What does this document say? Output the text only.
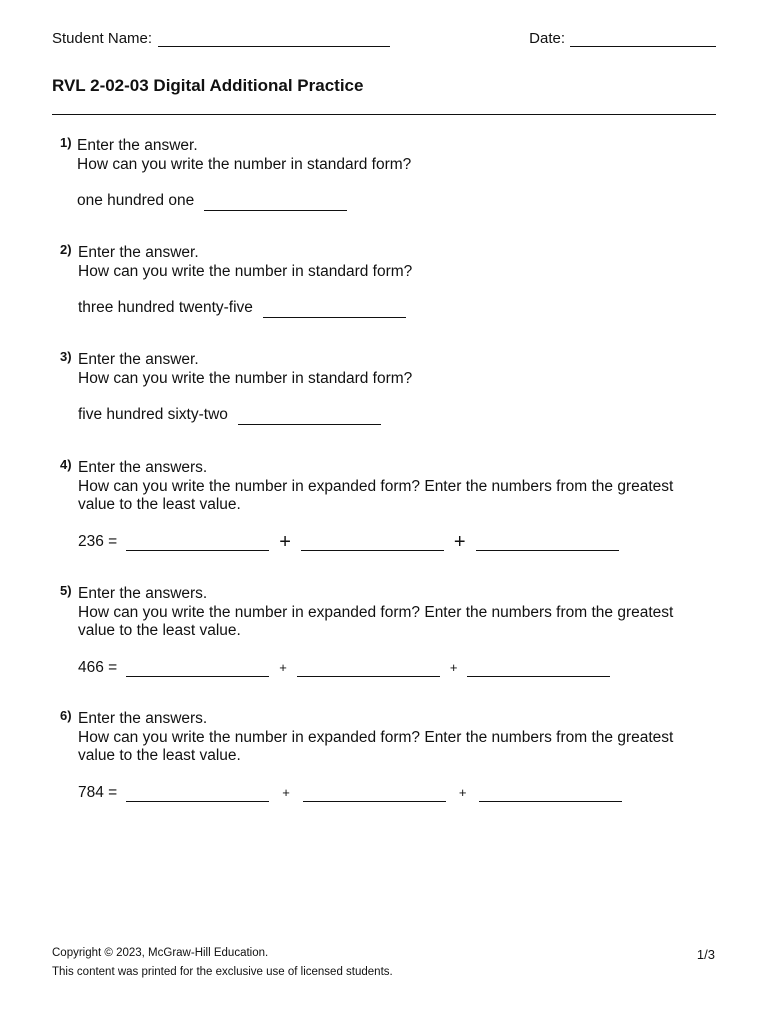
Student Name:	Date:
RVL 2-02-03 Digital Additional Practice
1) Enter the answer.
How can you write the number in standard form?
one hundred one
2) Enter the answer.
How can you write the number in standard form?
three hundred twenty-five
3) Enter the answer.
How can you write the number in standard form?
five hundred sixty-two
4) Enter the answers.
How can you write the number in expanded form? Enter the numbers from the greatest value to the least value.
236 =	+	+
5) Enter the answers.
How can you write the number in expanded form? Enter the numbers from the greatest value to the least value.
466 =	+	+
6) Enter the answers.
How can you write the number in expanded form? Enter the numbers from the greatest value to the least value.
784 =	+	+
Copyright © 2023, McGraw-Hill Education.
This content was printed for the exclusive use of licensed students.
1/3
